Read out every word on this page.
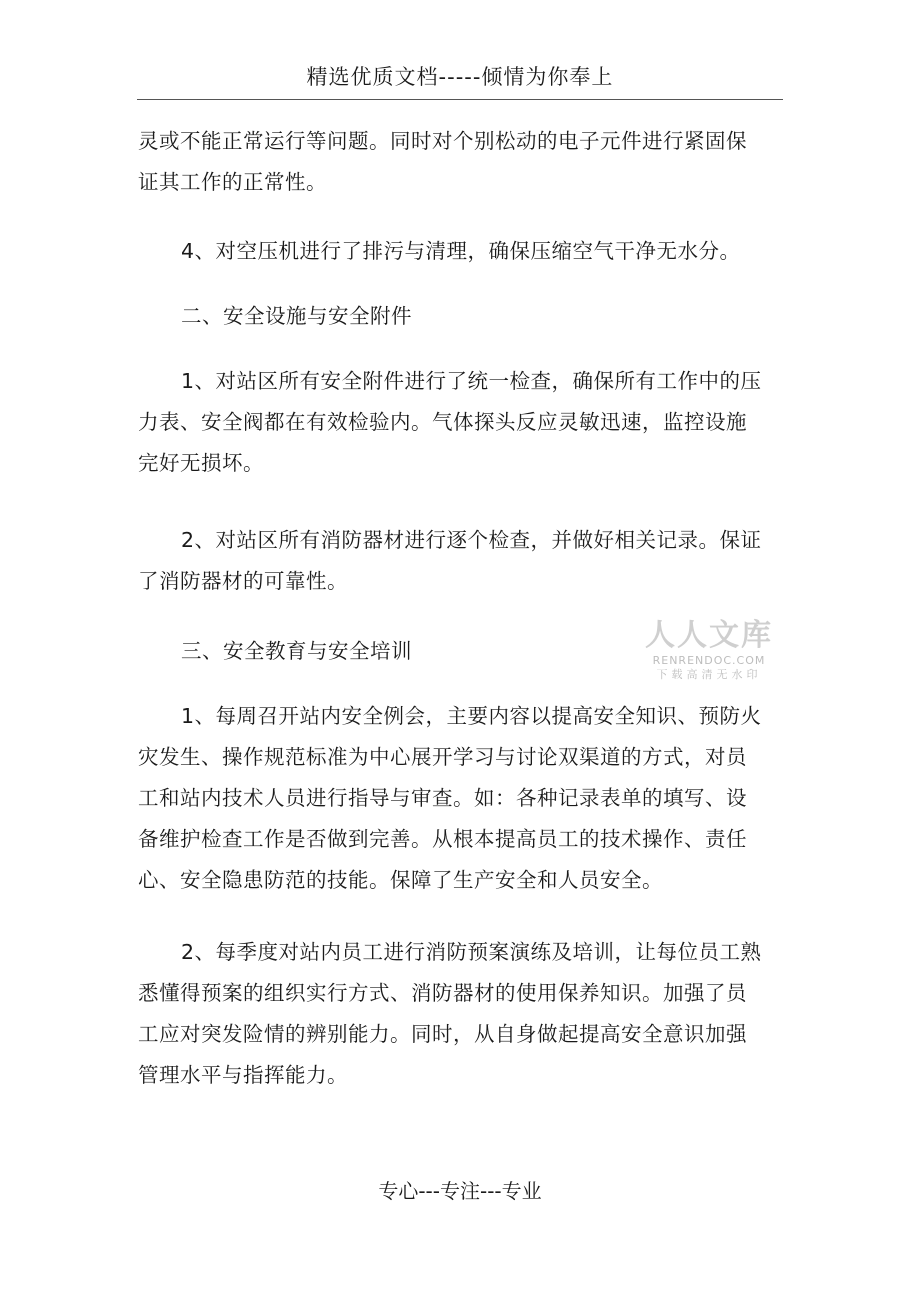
精选优质文档-----倾情为你奉上

灵或不能正常运行等问题。同时对个别松动的电子元件进行紧固保
证其工作的正常性。

4、对空压机进行了排污与清理，确保压缩空气干净无水分。

二、安全设施与安全附件

1、对站区所有安全附件进行了统一检查，确保所有工作中的压
力表、安全阀都在有效检验内。气体探头反应灵敏迅速，监控设施
完好无损坏。

2、对站区所有消防器材进行逐个检查，并做好相关记录。保证
了消防器材的可靠性。

三、安全教育与安全培训

1、每周召开站内安全例会，主要内容以提高安全知识、预防火
灾发生、操作规范标准为中心展开学习与讨论双渠道的方式，对员
工和站内技术人员进行指导与审查。如：各种记录表单的填写、设
备维护检查工作是否做到完善。从根本提高员工的技术操作、责任
心、安全隐患防范的技能。保障了生产安全和人员安全。

2、每季度对站内员工进行消防预案演练及培训，让每位员工熟
悉懂得预案的组织实行方式、消防器材的使用保养知识。加强了员
工应对突发险情的辨别能力。同时，从自身做起提高安全意识加强
管理水平与指挥能力。

人人文库
RENRENDOC.COM
下载高清无水印
专心---专注---专业
